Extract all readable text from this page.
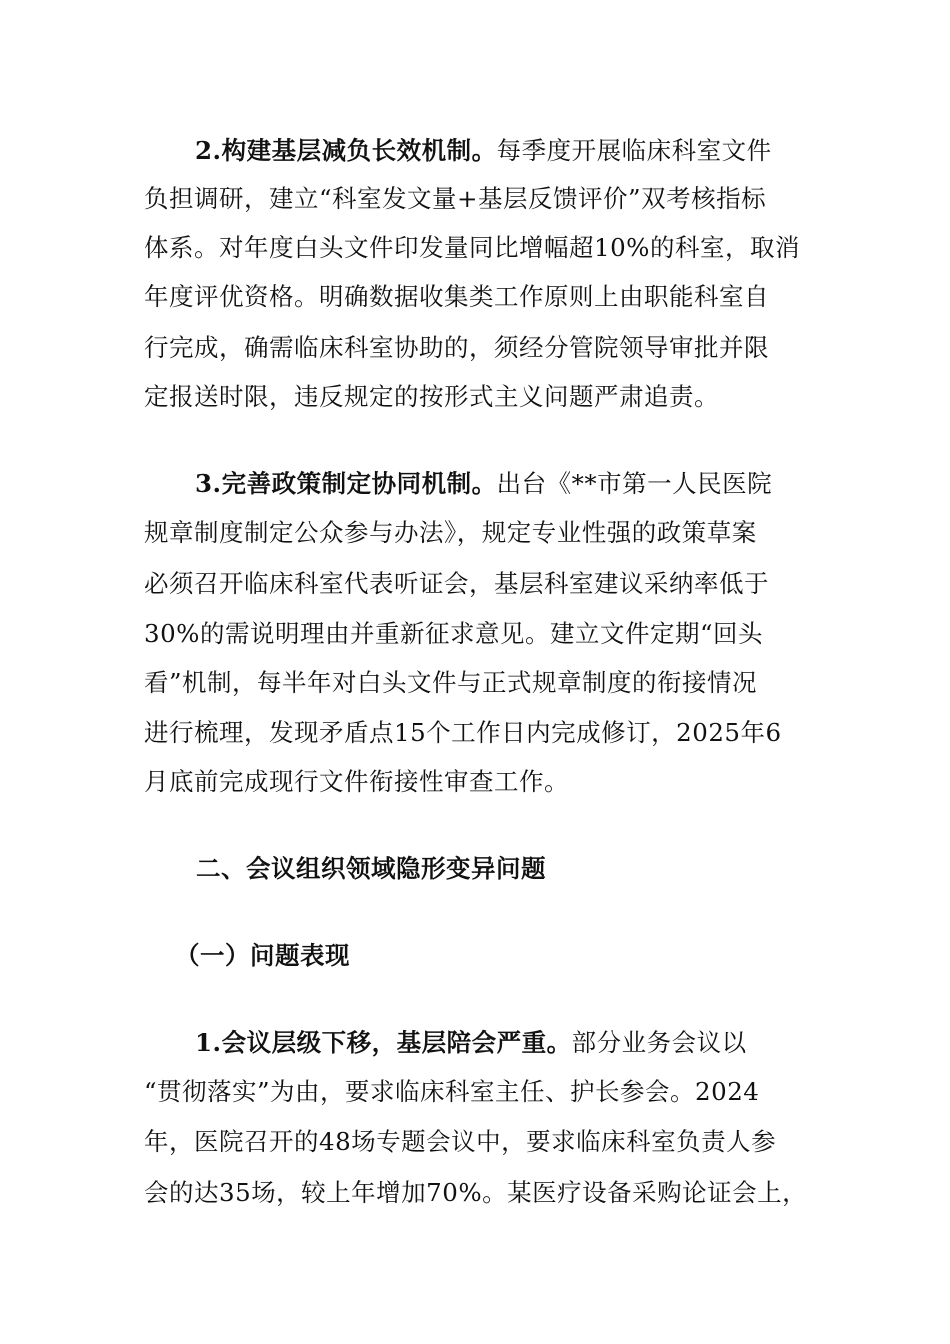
2.构建基层减负长效机制。每季度开展临床科室文件
负担调研，建立“科室发文量+基层反馈评价”双考核指标
体系。对年度白头文件印发量同比增幅超10%的科室，取消
年度评优资格。明确数据收集类工作原则上由职能科室自
行完成，确需临床科室协助的，须经分管院领导审批并限
定报送时限，违反规定的按形式主义问题严肃追责。
3.完善政策制定协同机制。出台《**市第一人民医院
规章制度制定公众参与办法》，规定专业性强的政策草案
必须召开临床科室代表听证会，基层科室建议采纳率低于
30%的需说明理由并重新征求意见。建立文件定期“回头
看”机制，每半年对白头文件与正式规章制度的衔接情况
进行梳理，发现矛盾点15个工作日内完成修订，2025年6
月底前完成现行文件衔接性审查工作。
二、会议组织领域隐形变异问题
（一）问题表现
1.会议层级下移，基层陪会严重。部分业务会议以
“贯彻落实”为由，要求临床科室主任、护长参会。2024
年，医院召开的48场专题会议中，要求临床科室负责人参
会的达35场，较上年增加70%。某医疗设备采购论证会上，
